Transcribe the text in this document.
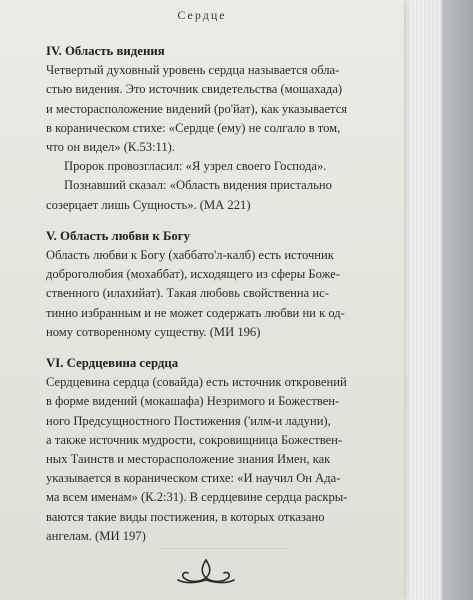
Сердце

IV. Область видения

Четвертый духовный уровень сердца называется обла-
стью видения. Это источник свидетельства (мошахада)
и месторасположение видений (ро'йат), как указывается
в кораническом стихе: «Сердце (ему) не солгало в том,
что он видел» (К.53:11).
Пророк провозгласил: «Я узрел своего Господа».
Познавший сказал: «Область видения пристально
созерцает лишь Сущность». (МА 221)

V. Область любви к Богу

Область любви к Богу (хаббато'л-калб) есть источник
доброголюбия (мохаббат), исходящего из сферы Боже-
ственного (илахийат). Такая любовь свойственна ис-
тинно избранным и не может содержать любви ни к од-
ному сотворенному существу. (МИ 196)

VI. Сердцевина сердца

Сердцевина сердца (совайда) есть источник откровений
в форме видений (мокашафа) Незримого и Божествен-
ного Предсущностного Постижения ('илм-и ладуни),
а также источник мудрости, сокровищница Божествен-
ных Таинств и месторасположение знания Имен, как
указывается в кораническом стихе: «И научил Он Ада-
ма всем именам» (К.2:31). В сердцевине сердца раскры-
ваются такие виды постижения, в которых отказано
ангелам. (МИ 197)
